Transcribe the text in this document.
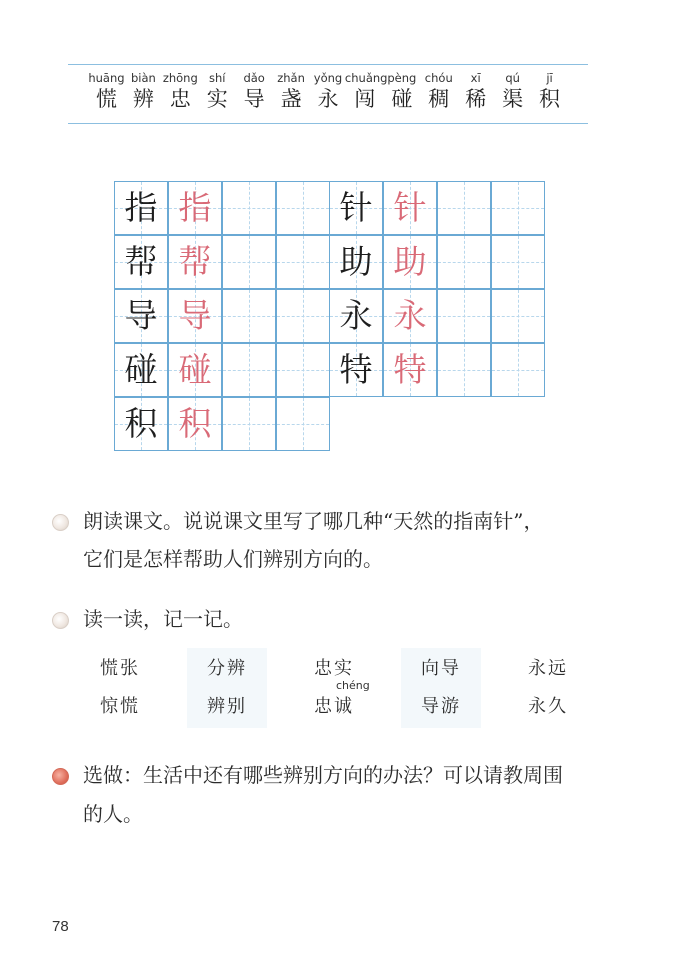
huāng
慌
biàn
辨
zhōng
忠
shí
实
dǎo
导
zhǎn
盏
yǒng
永
chuǎng
闯
pèng
碰
chóu
稠
xī
稀
qú
渠
jī
积
指 指
帮 帮
导 导
碰 碰
积 积
针 针
助 助
永 永
特 特
朗读课文。说说课文里写了哪几种“天然的指南针”，
它们是怎样帮助人们辨别方向的。
读一读，记一记。
慌张
惊慌
分辨
辨别
忠实
忠诚
chéng
向导
导游
永远
永久
选做：生活中还有哪些辨别方向的办法？可以请教周围
的人。
78
